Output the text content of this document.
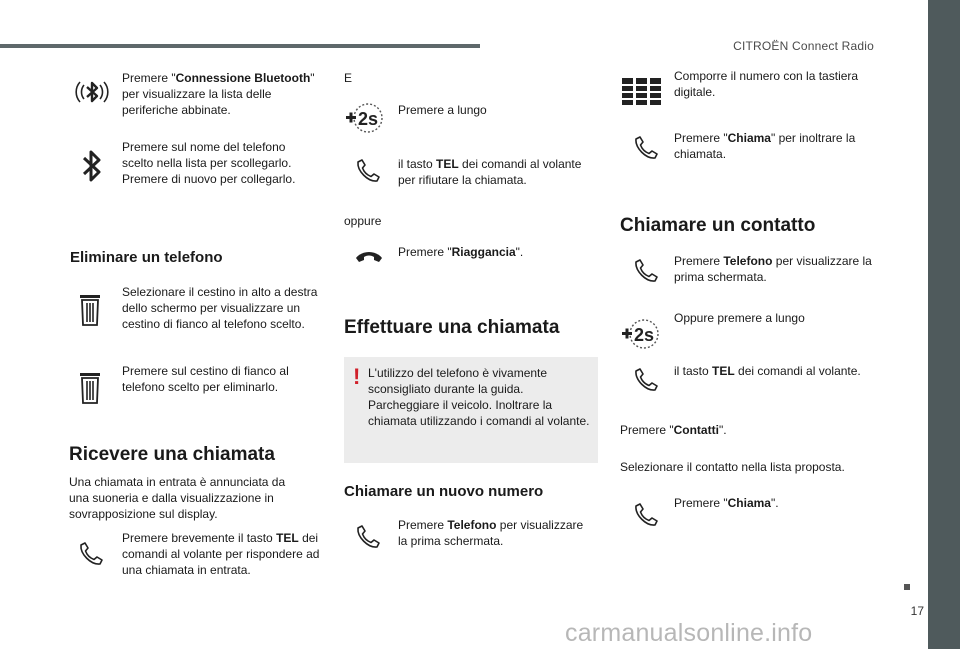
CITROËN Connect Radio
Premere "Connessione Bluetooth" per visualizzare la lista delle periferiche abbinate.
Premere sul nome del telefono scelto nella lista per scollegarlo. Premere di nuovo per collegarlo.
Eliminare un telefono
Selezionare il cestino in alto a destra dello schermo per visualizzare un cestino di fianco al telefono scelto.
Premere sul cestino di fianco al telefono scelto per eliminarlo.
Ricevere una chiamata
Una chiamata in entrata è annunciata da una suoneria e dalla visualizzazione in sovrapposizione sul display.
Premere brevemente il tasto TEL dei comandi al volante per rispondere ad una chiamata in entrata.
E
2s Premere a lungo
il tasto TEL dei comandi al volante per rifiutare la chiamata.
oppure
Premere "Riaggancia".
Effettuare una chiamata
! L'utilizzo del telefono è vivamente sconsigliato durante la guida. Parcheggiare il veicolo. Inoltrare la chiamata utilizzando i comandi al volante.
Chiamare un nuovo numero
Premere Telefono per visualizzare la prima schermata.
Comporre il numero con la tastiera digitale.
Premere "Chiama" per inoltrare la chiamata.
Chiamare un contatto
Premere Telefono per visualizzare la prima schermata.
2s
Oppure premere a lungo
il tasto TEL dei comandi al volante.
Premere "Contatti".
Selezionare il contatto nella lista proposta.
Premere "Chiama".
17
carmanualsonline.info
